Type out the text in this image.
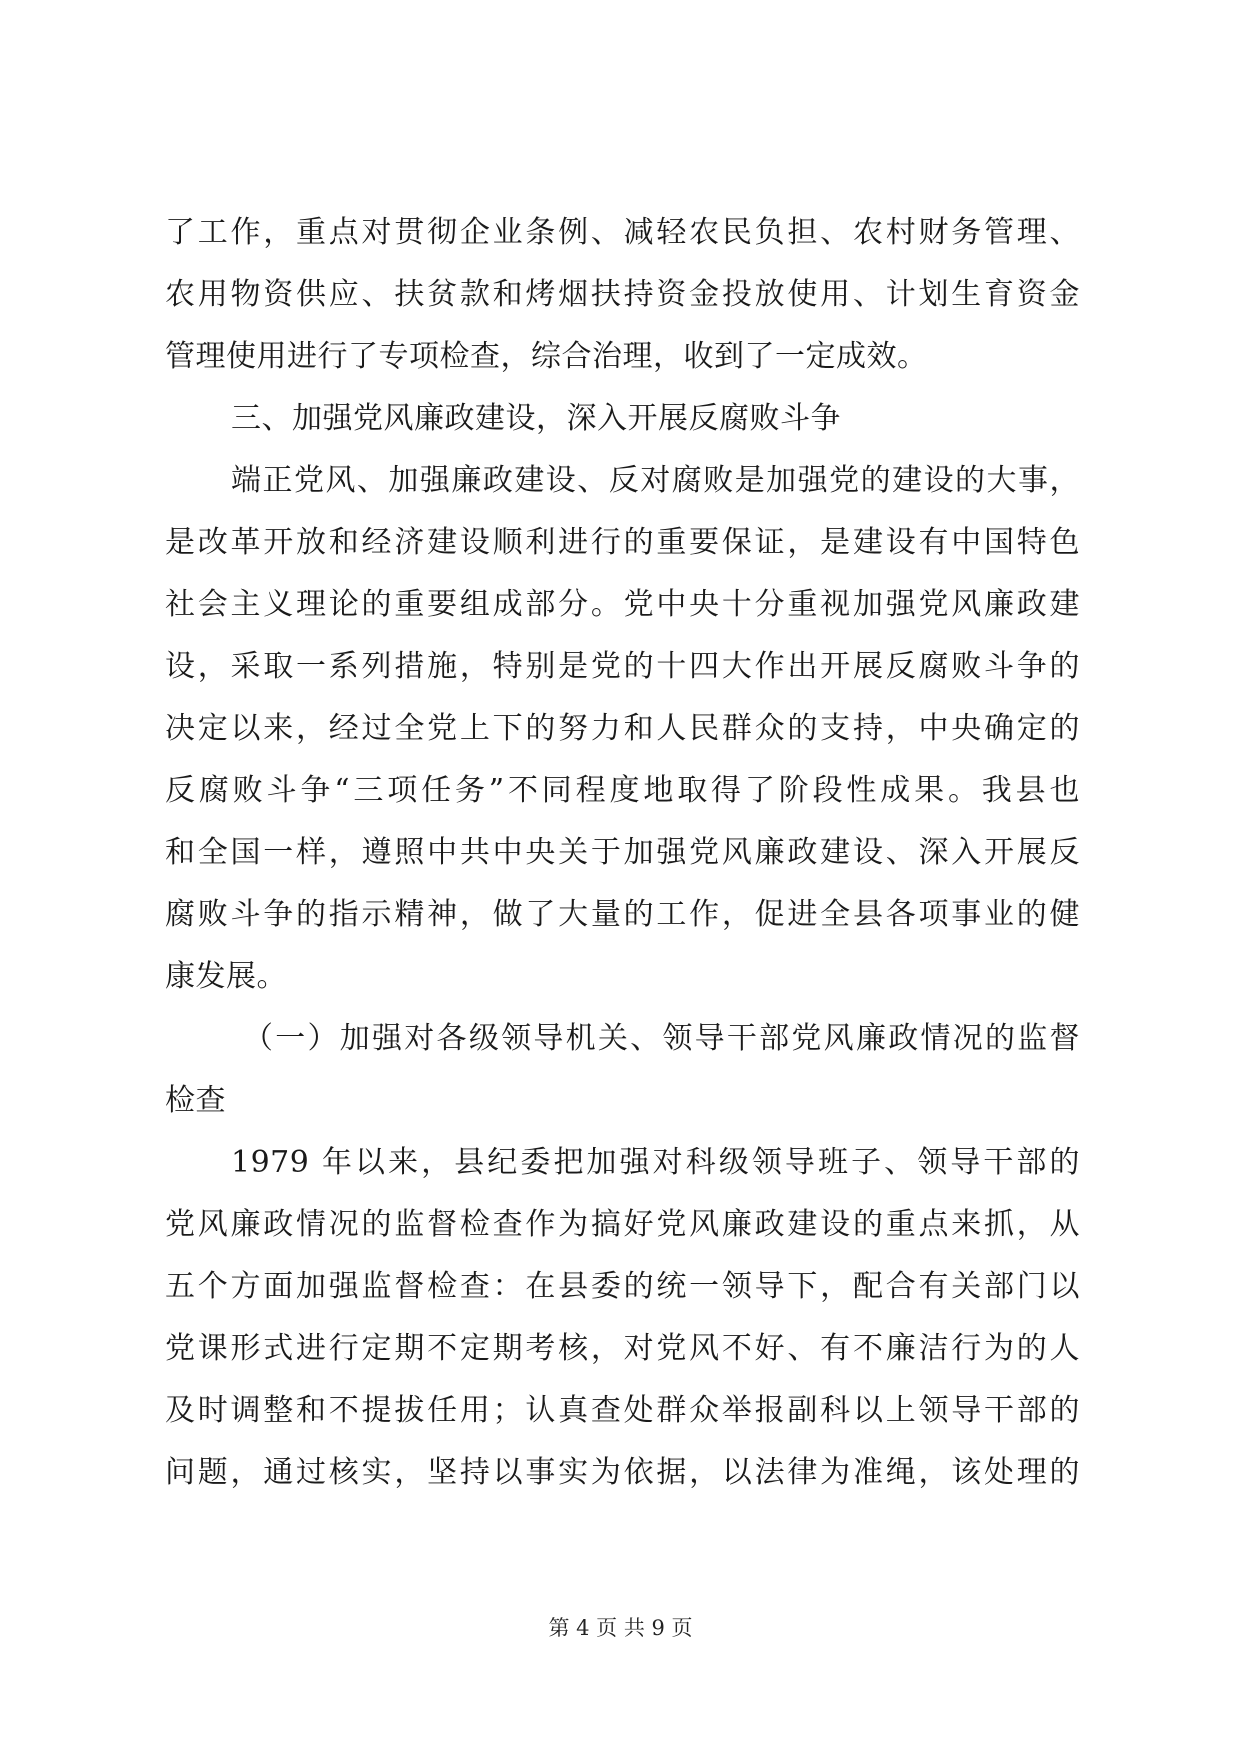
了工作，重点对贯彻企业条例、减轻农民负担、农村财务管理、
农用物资供应、扶贫款和烤烟扶持资金投放使用、计划生育资金
管理使用进行了专项检查，综合治理，收到了一定成效。
三、加强党风廉政建设，深入开展反腐败斗争
端正党风、加强廉政建设、反对腐败是加强党的建设的大事，
是改革开放和经济建设顺利进行的重要保证，是建设有中国特色
社会主义理论的重要组成部分。党中央十分重视加强党风廉政建
设，采取一系列措施，特别是党的十四大作出开展反腐败斗争的
决定以来，经过全党上下的努力和人民群众的支持，中央确定的
反腐败斗争“三项任务”不同程度地取得了阶段性成果。我县也
和全国一样，遵照中共中央关于加强党风廉政建设、深入开展反
腐败斗争的指示精神，做了大量的工作，促进全县各项事业的健
康发展。
（一）加强对各级领导机关、领导干部党风廉政情况的监督
检查
1979 年以来，县纪委把加强对科级领导班子、领导干部的
党风廉政情况的监督检查作为搞好党风廉政建设的重点来抓，从
五个方面加强监督检查：在县委的统一领导下，配合有关部门以
党课形式进行定期不定期考核，对党风不好、有不廉洁行为的人
及时调整和不提拔任用；认真查处群众举报副科以上领导干部的
问题，通过核实，坚持以事实为依据，以法律为准绳，该处理的
第 4 页 共 9 页
